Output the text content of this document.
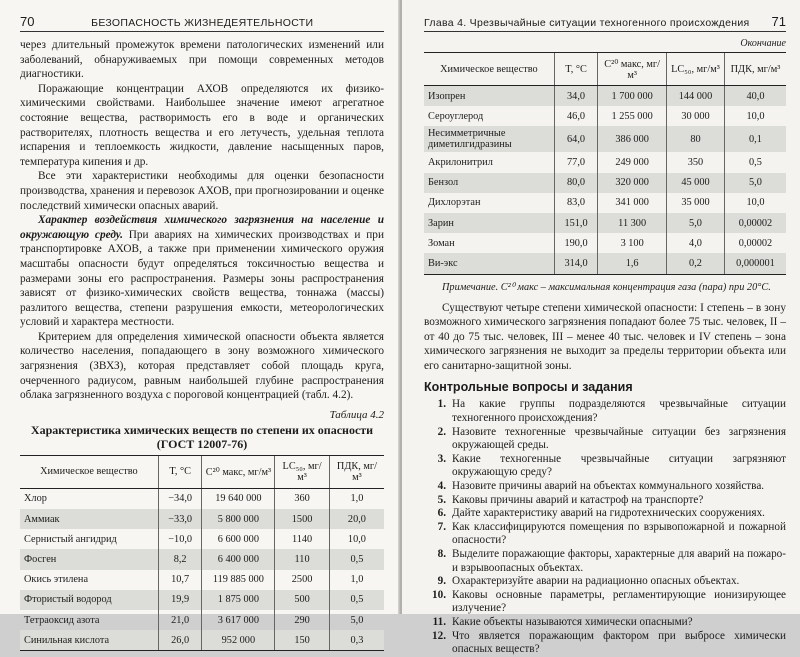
70	БЕЗОПАСНОСТЬ ЖИЗНЕДЕЯТЕЛЬНОСТИ

через длительный промежуток времени патологических изменений или заболеваний, обнаруживаемых при помощи современных методов диагностики.

Поражающие концентрации АХОВ определяются их физико-химическими свойствами. Наибольшее значение имеют агрегатное состояние вещества, растворимость его в воде и органических растворителях, плотность вещества и его летучесть, удельная теплота испарения и теплоемкость жидкости, давление насыщенных паров, температура кипения и др.

Все эти характеристики необходимы для оценки безопасности производства, хранения и перевозок АХОВ, при прогнозировании и оценке последствий химически опасных аварий.

Характер воздействия химического загрязнения на население и окружающую среду. При авариях на химических производствах и при транспортировке АХОВ, а также при применении химического оружия масштабы опасности будут определяться токсичностью вещества и размерами зоны его распространения. Размеры зоны распространения зависят от физико-химических свойств вещества, тоннажа (массы) разлитого вещества, степени разрушения емкости, метеорологических условий и характера местности.

Критерием для определения химической опасности объекта является количество населения, попадающего в зону возможного химического загрязнения (ЗВХЗ), которая представляет собой площадь круга, очерченного радиусом, равным наибольшей глубине распространения облака загрязненного воздуха с пороговой концентрацией (табл. 4.2).

Таблица 4.2
Характеристика химических веществ по степени их опасности (ГОСТ 12007-76)
Химическое вещество	T, °C	C²⁰ макс, мг/м³	LC₅₀, мг/м³	ПДК, мг/м³
Хлор	−34,0	19 640 000	360	1,0
Аммиак	−33,0	5 800 000	1500	20,0
Сернистый ангидрид	−10,0	6 600 000	1140	10,0
Фосген	8,2	6 400 000	110	0,5
Окись этилена	10,7	119 885 000	2500	1,0
Фтористый водород	19,9	1 875 000	500	0,5
Тетраоксид азота	21,0	3 617 000	290	5,0
Синильная кислота	26,0	952 000	150	0,3
Глава 4. Чрезвычайные ситуации техногенного происхождения 71
Окончание
Химическое вещество	T, °C	C²⁰ макс, мг/м³	LC₅₀, мг/м³	ПДК, мг/м³
Изопрен	34,0	1 700 000	144 000	40,0
Сероуглерод	46,0	1 255 000	30 000	10,0
Несимметричные диметилгидразины	64,0	386 000	80	0,1
Акрилонитрил	77,0	249 000	350	0,5
Бензол	80,0	320 000	45 000	5,0
Дихлорэтан	83,0	341 000	35 000	10,0
Зарин	151,0	11 300	5,0	0,00002
Зоман	190,0	3 100	4,0	0,00002
Ви-экс	314,0	1,6	0,2	0,000001
Примечание. C²⁰ макс – максимальная концентрация газа (пара) при 20°С.

Существуют четыре степени химической опасности: I степень – в зону возможного химического загрязнения попадают более 75 тыс. человек, II – от 40 до 75 тыс. человек, III – менее 40 тыс. человек и IV степень – зона химического загрязнения не выходит за пределы территории объекта или его санитарно-защитной зоны.

Контрольные вопросы и задания
1. На какие группы подразделяются чрезвычайные ситуации техногенного происхождения?
2. Назовите техногенные чрезвычайные ситуации без загрязнения окружающей среды.
3. Какие техногенные чрезвычайные ситуации загрязняют окружающую среду?
4. Назовите причины аварий на объектах коммунального хозяйства.
5. Каковы причины аварий и катастроф на транспорте?
6. Дайте характеристику аварий на гидротехнических сооружениях.
7. Как классифицируются помещения по взрывопожарной и пожарной опасности?
8. Выделите поражающие факторы, характерные для аварий на пожаро- и взрывоопасных объектах.
9. Охарактеризуйте аварии на радиационно опасных объектах.
10. Каковы основные параметры, регламентирующие ионизирующее излучение?
11. Какие объекты называются химически опасными?
12. Что является поражающим фактором при выбросе химически опасных веществ?
